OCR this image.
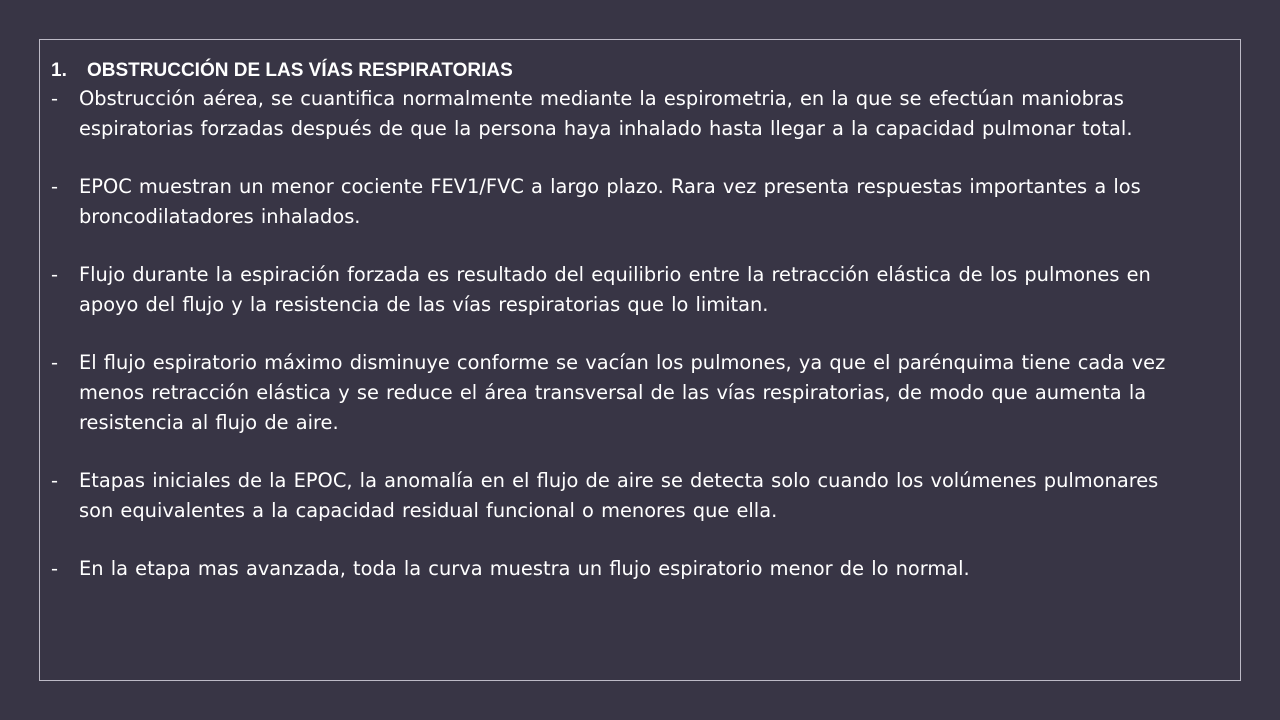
1.	OBSTRUCCIÓN DE LAS VÍAS RESPIRATORIAS
-	Obstrucción aérea, se cuantifica normalmente mediante la espirometria, en la que se efectúan maniobras espiratorias forzadas después de que la persona haya inhalado hasta llegar a la capacidad pulmonar total.
-	EPOC muestran un menor cociente FEV1/FVC a largo plazo. Rara vez presenta respuestas importantes a los broncodilatadores inhalados.
-	Flujo durante la espiración forzada es resultado del equilibrio entre la retracción elástica de los pulmones en apoyo del flujo y la resistencia de las vías respiratorias que lo limitan.
-	El flujo espiratorio máximo disminuye conforme se vacían los pulmones, ya que el parénquima tiene cada vez menos retracción elástica y se reduce el área transversal de las vías respiratorias, de modo que aumenta la resistencia al flujo de aire.
-	Etapas iniciales de la EPOC, la anomalía en el flujo de aire se detecta solo cuando los volúmenes pulmonares son equivalentes a la capacidad residual funcional o menores que ella.
-	En la etapa mas avanzada, toda la curva muestra un flujo espiratorio menor de lo normal.
